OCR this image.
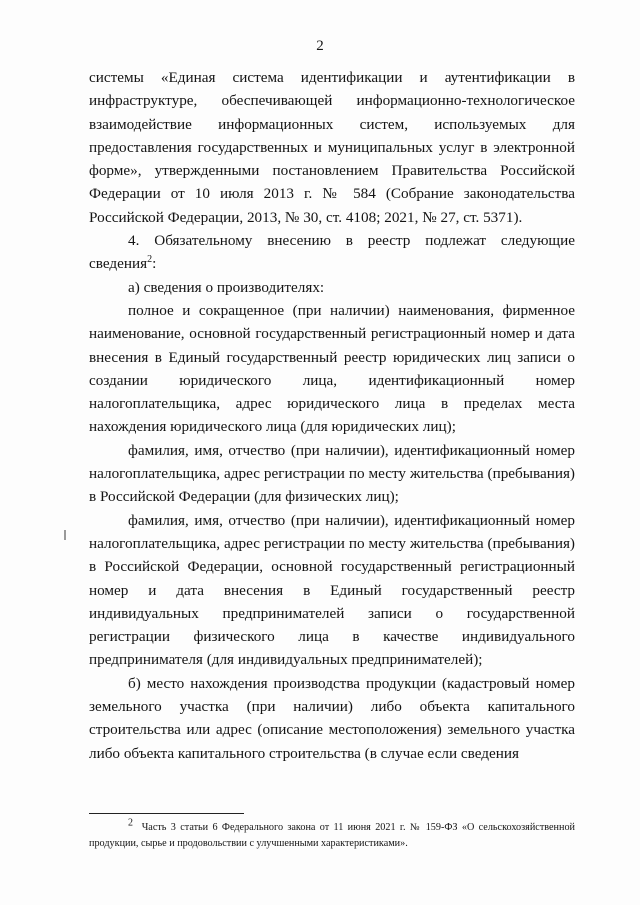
2

системы «Единая система идентификации и аутентификации в инфраструктуре, обеспечивающей информационно-технологическое взаимодействие информационных систем, используемых для предоставления государственных и муниципальных услуг в электронной форме», утвержденными постановлением Правительства Российской Федерации от 10 июля 2013 г. № 584 (Собрание законодательства Российской Федерации, 2013, № 30, ст. 4108; 2021, № 27, ст. 5371).

4. Обязательному внесению в реестр подлежат следующие сведения$^2$:

а) сведения о производителях:

полное и сокращенное (при наличии) наименования, фирменное наименование, основной государственный регистрационный номер и дата внесения в Единый государственный реестр юридических лиц записи о создании юридического лица, идентификационный номер налогоплательщика, адрес юридического лица в пределах места нахождения юридического лица (для юридических лиц);

фамилия, имя, отчество (при наличии), идентификационный номер налогоплательщика, адрес регистрации по месту жительства (пребывания) в Российской Федерации (для физических лиц);

фамилия, имя, отчество (при наличии), идентификационный номер налогоплательщика, адрес регистрации по месту жительства (пребывания) в Российской Федерации, основной государственный регистрационный номер и дата внесения в Единый государственный реестр индивидуальных предпринимателей записи о государственной регистрации физического лица в качестве индивидуального предпринимателя (для индивидуальных предпринимателей);

б) место нахождения производства продукции (кадастровый номер земельного участка (при наличии) либо объекта капитального строительства или адрес (описание местоположения) земельного участка либо объекта капитального строительства (в случае если сведения

$^2$ Часть 3 статьи 6 Федерального закона от 11 июня 2021 г. № 159-ФЗ «О сельскохозяйственной продукции, сырье и продовольствии с улучшенными характеристиками».
